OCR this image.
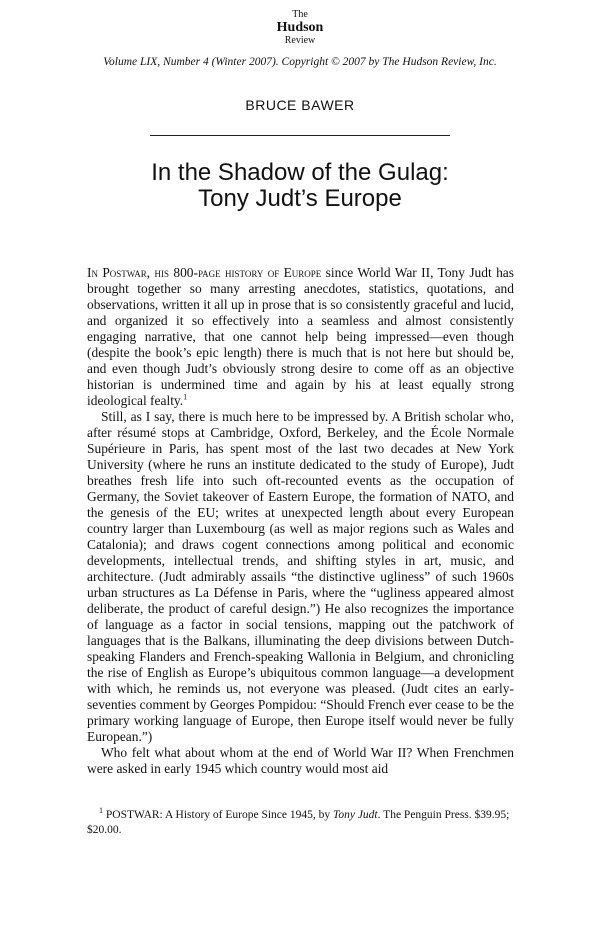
The
Hudson
Review
Volume LIX, Number 4 (Winter 2007). Copyright © 2007 by The Hudson Review, Inc.
BRUCE BAWER
In the Shadow of the Gulag:
Tony Judt’s Europe

In Postwar, his 800-page history of Europe since World War II, Tony Judt has brought together so many arresting anecdotes, statistics, quotations, and observations, written it all up in prose that is so consistently graceful and lucid, and organized it so effectively into a seamless and almost consistently engaging narrative, that one cannot help being impressed—even though (despite the book’s epic length) there is much that is not here but should be, and even though Judt’s obviously strong desire to come off as an objective historian is undermined time and again by his at least equally strong ideological fealty.$^1$

Still, as I say, there is much here to be impressed by. A British scholar who, after résumé stops at Cambridge, Oxford, Berkeley, and the École Normale Supérieure in Paris, has spent most of the last two decades at New York University (where he runs an institute dedicated to the study of Europe), Judt breathes fresh life into such oft-recounted events as the occupation of Germany, the Soviet takeover of Eastern Europe, the formation of NATO, and the genesis of the EU; writes at unexpected length about every European country larger than Luxembourg (as well as major regions such as Wales and Catalonia); and draws cogent connections among political and economic developments, intellectual trends, and shifting styles in art, music, and architecture. (Judt admirably assails “the distinctive ugliness” of such 1960s urban structures as La Défense in Paris, where the “ugliness appeared almost deliberate, the product of careful design.”) He also recognizes the importance of language as a factor in social tensions, mapping out the patchwork of languages that is the Balkans, illuminating the deep divisions between Dutch-speaking Flanders and French-speaking Wallonia in Belgium, and chronicling the rise of English as Europe’s ubiquitous common language—a development with which, he reminds us, not everyone was pleased. (Judt cites an early-seventies comment by Georges Pompidou: “Should French ever cease to be the primary working language of Europe, then Europe itself would never be fully European.”)

Who felt what about whom at the end of World War II? When Frenchmen were asked in early 1945 which country would most aid

$^1$ POSTWAR: A History of Europe Since 1945, by Tony Judt. The Penguin Press. $39.95; $20.00.
